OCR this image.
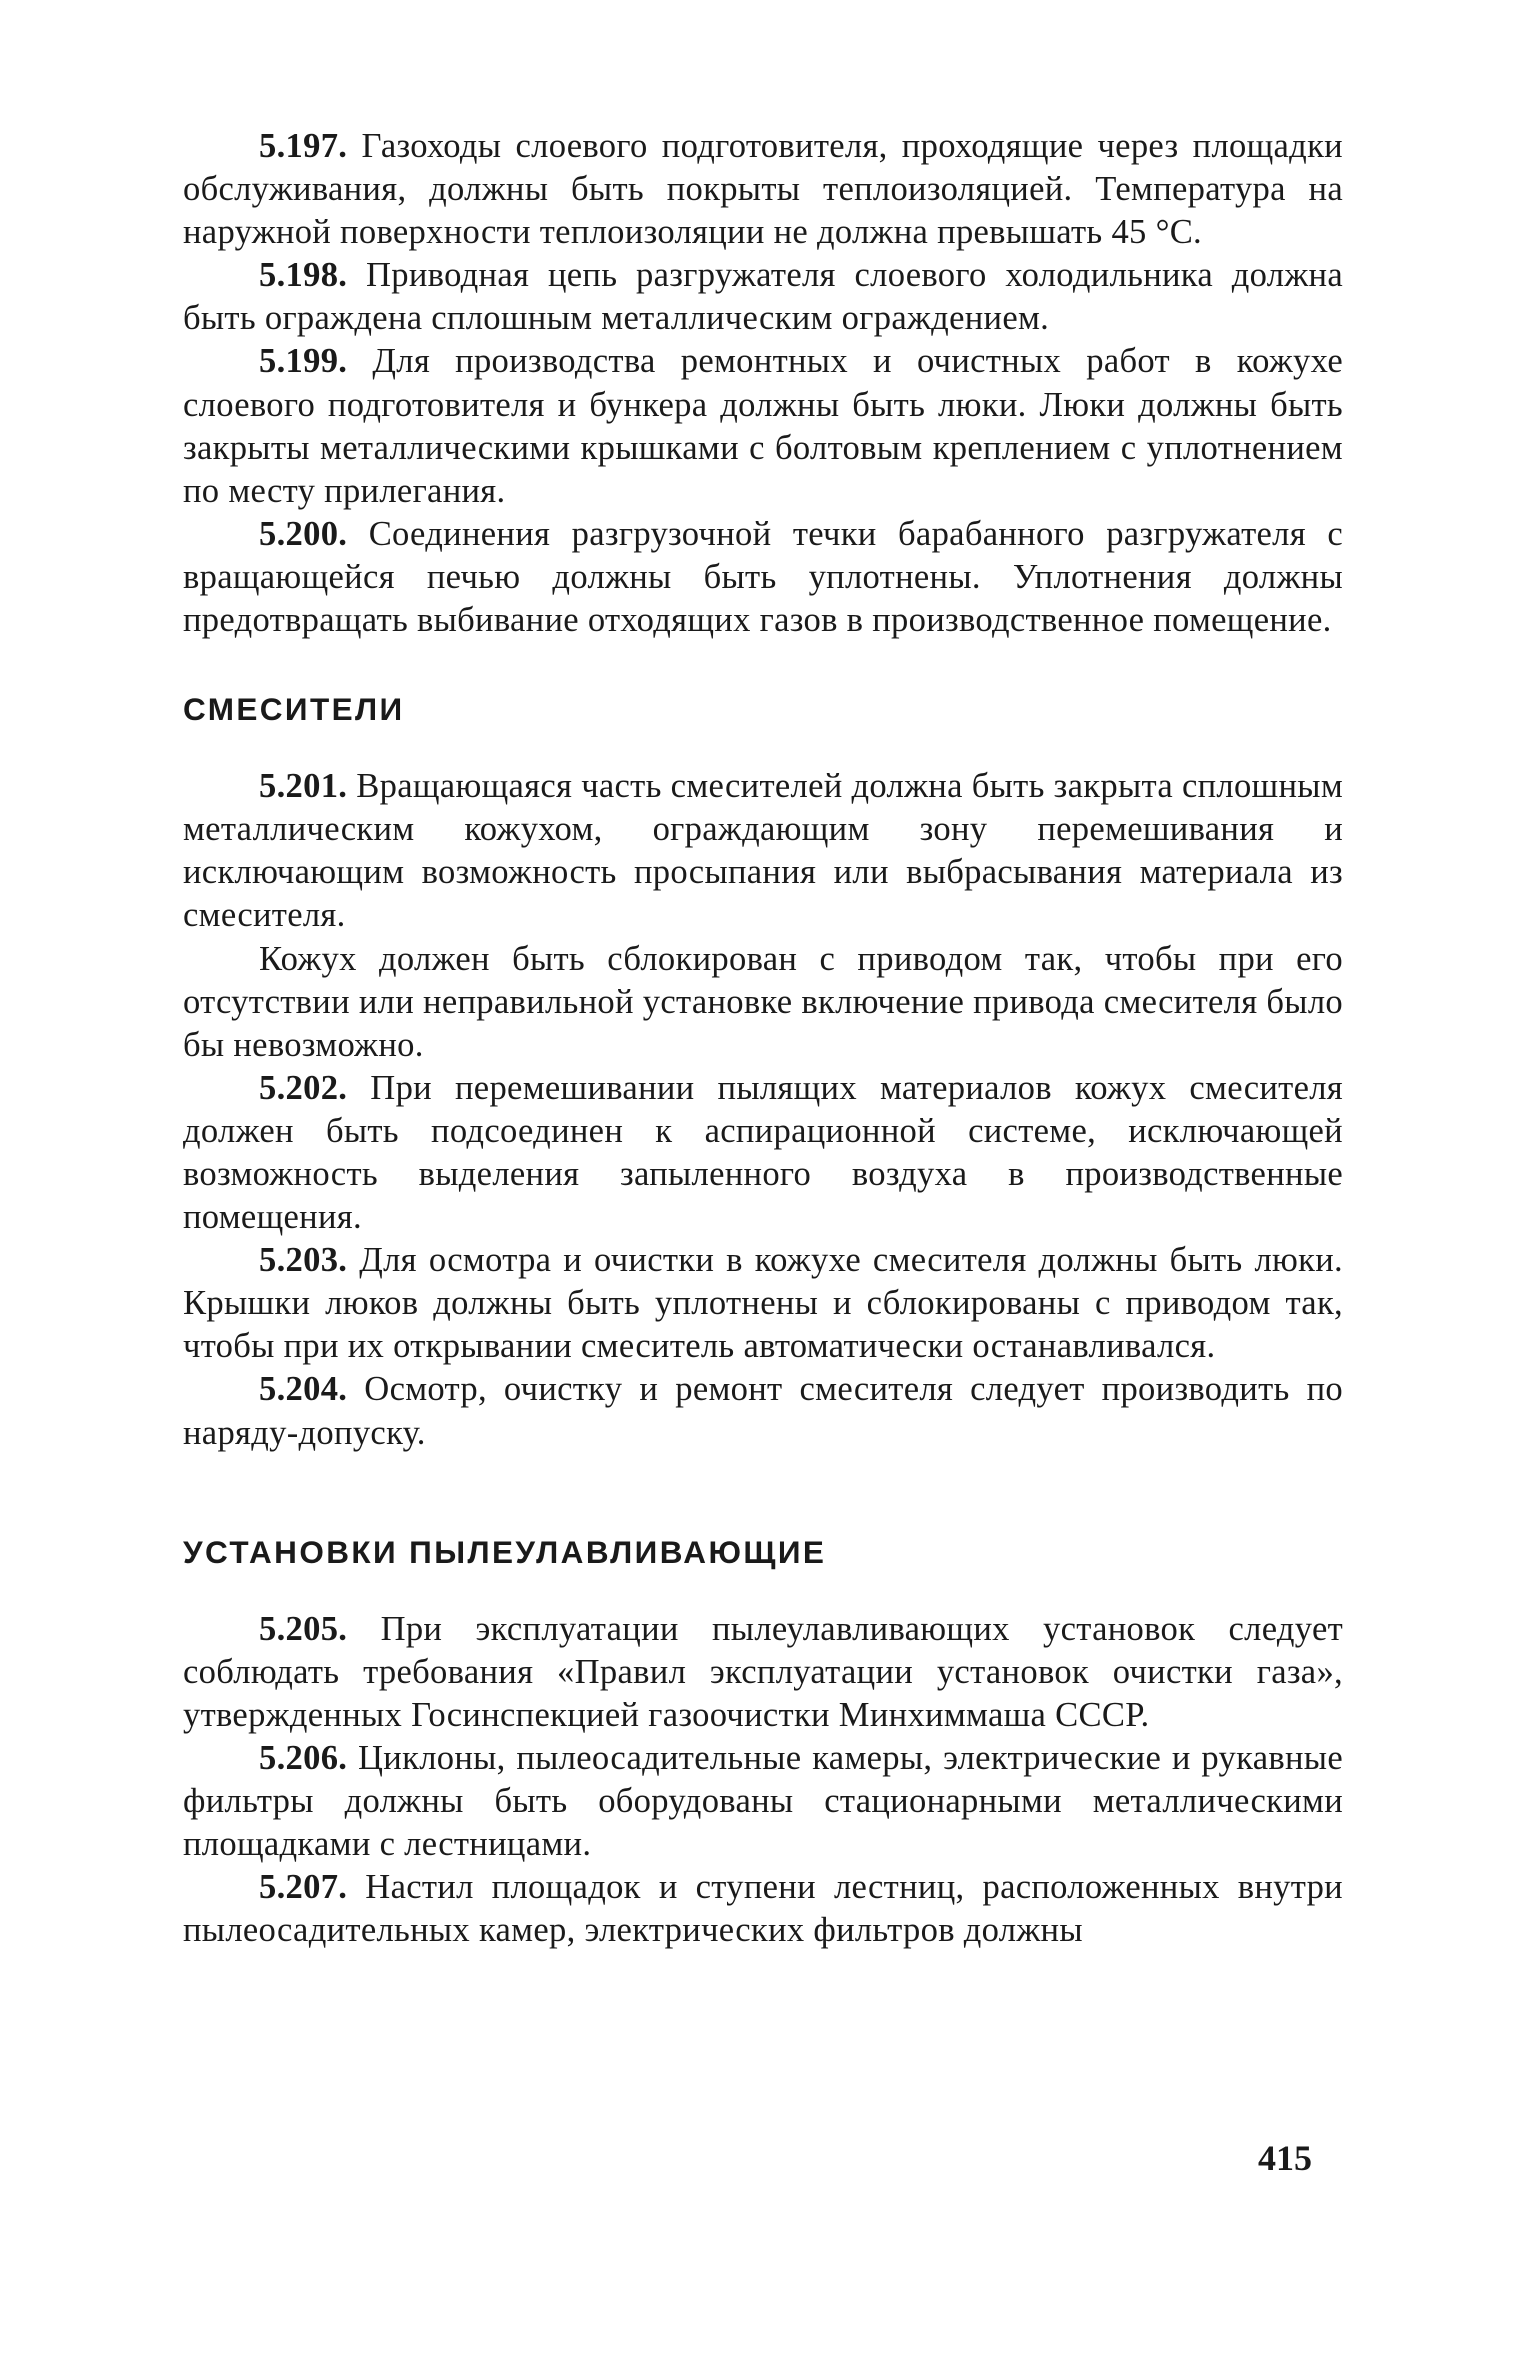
5.197. Газоходы слоевого подготовителя, проходящие через площадки обслуживания, должны быть покрыты теплоизоляцией. Температура на наружной поверхности теплоизоляции не должна превышать 45 °С.

5.198. Приводная цепь разгружателя слоевого холодильника должна быть ограждена сплошным металлическим ограждением.

5.199. Для производства ремонтных и очистных работ в кожухе слоевого подготовителя и бункера должны быть люки. Люки должны быть закрыты металлическими крышками с болтовым креплением с уплотнением по месту прилегания.

5.200. Соединения разгрузочной течки барабанного разгружателя с вращающейся печью должны быть уплотнены. Уплотнения должны предотвращать выбивание отходящих газов в производственное помещение.

СМЕСИТЕЛИ

5.201. Вращающаяся часть смесителей должна быть закрыта сплошным металлическим кожухом, ограждающим зону перемешивания и исключающим возможность просыпания или выбрасывания материала из смесителя.

Кожух должен быть сблокирован с приводом так, чтобы при его отсутствии или неправильной установке включение привода смесителя было бы невозможно.

5.202. При перемешивании пылящих материалов кожух смесителя должен быть подсоединен к аспирационной системе, исключающей возможность выделения запыленного воздуха в производственные помещения.

5.203. Для осмотра и очистки в кожухе смесителя должны быть люки. Крышки люков должны быть уплотнены и сблокированы с приводом так, чтобы при их открывании смеситель автоматически останавливался.

5.204. Осмотр, очистку и ремонт смесителя следует производить по наряду-допуску.

УСТАНОВКИ ПЫЛЕУЛАВЛИВАЮЩИЕ

5.205. При эксплуатации пылеулавливающих установок следует соблюдать требования «Правил эксплуатации установок очистки газа», утвержденных Госинспекцией газоочистки Минхиммаша СССР.

5.206. Циклоны, пылеосадительные камеры, электрические и рукавные фильтры должны быть оборудованы стационарными металлическими площадками с лестницами.

5.207. Настил площадок и ступени лестниц, расположенных внутри пылеосадительных камер, электрических фильтров должны

415
